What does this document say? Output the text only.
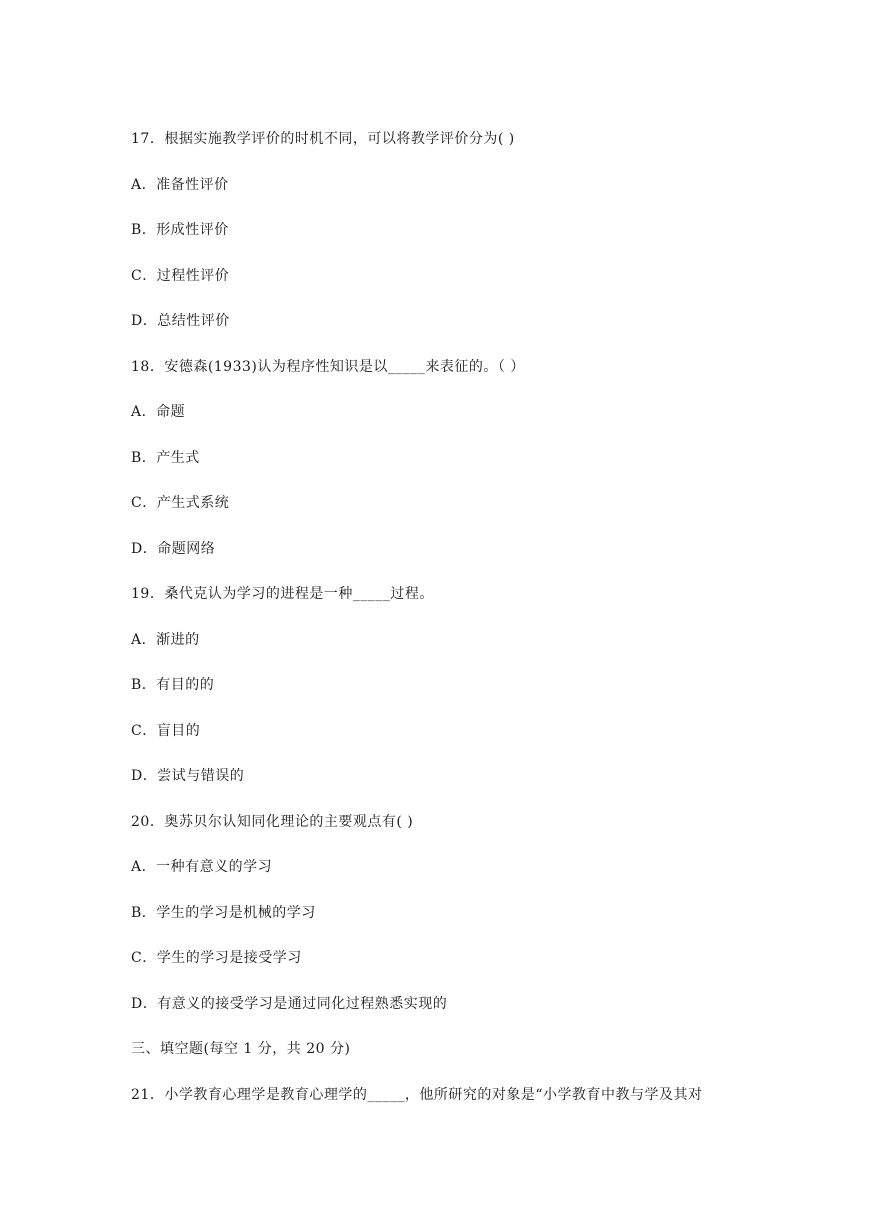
17．根据实施教学评价的时机不同，可以将教学评价分为( )
A．准备性评价
B．形成性评价
C．过程性评价
D．总结性评价
18．安德森(1933)认为程序性知识是以_____来表征的。（ ）
A．命题
B．产生式
C．产生式系统
D．命题网络
19．桑代克认为学习的进程是一种_____过程。
A．渐进的
B．有目的的
C．盲目的
D．尝试与错误的
20．奥苏贝尔认知同化理论的主要观点有( )
A．一种有意义的学习
B．学生的学习是机械的学习
C．学生的学习是接受学习
D．有意义的接受学习是通过同化过程熟悉实现的
三、填空题(每空 1 分，共 20 分)
21．小学教育心理学是教育心理学的_____，他所研究的对象是“小学教育中教与学及其对
